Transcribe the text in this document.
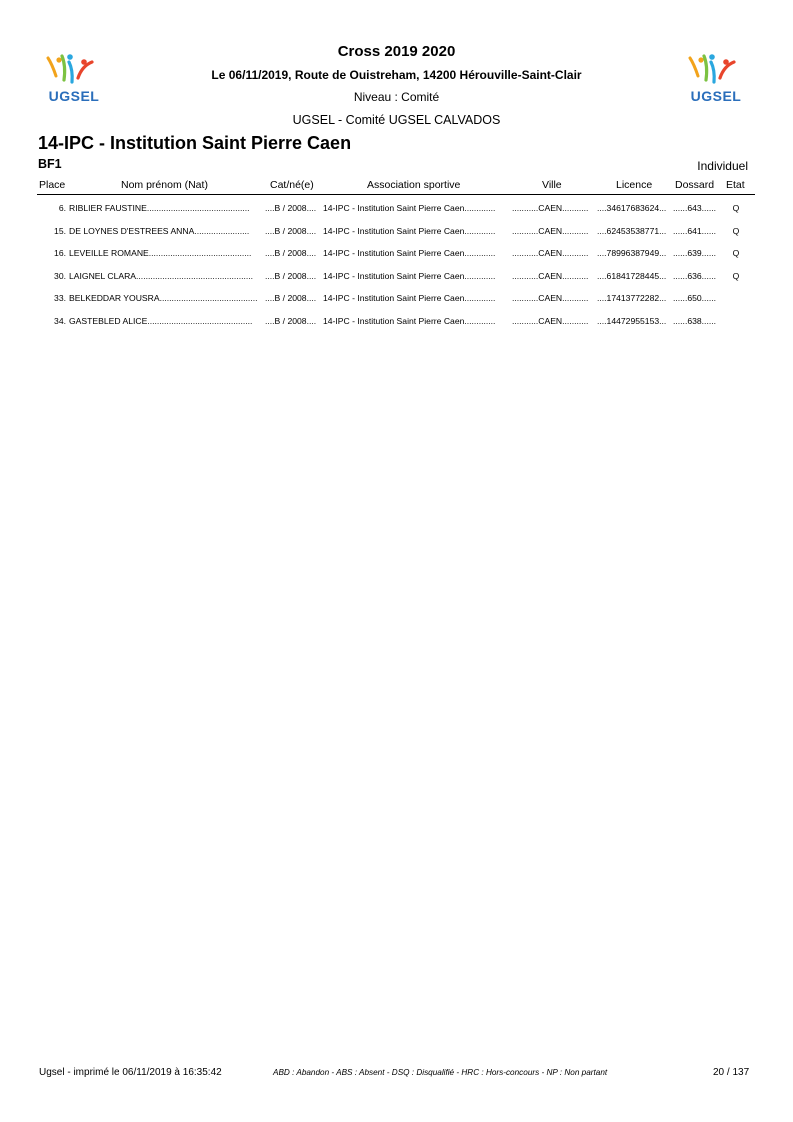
UGSEL	UGSEL
Cross 2019 2020
Le 06/11/2019, Route de Ouistreham, 14200 Hérouville-Saint-Clair
Niveau : Comité
UGSEL - Comité UGSEL CALVADOS
14-IPC - Institution Saint Pierre Caen
BF1	Individuel
Place	Nom prénom (Nat)	Cat/né(e)	Association sportive	Ville	Licence Dossard Etat
6. RIBLIER FAUSTINE...........................................	....B / 2008.... 14-IPC - Institution Saint Pierre Caen.............	...........CAEN........... ....34617683624... ......643......	Q
15. DE LOYNES D'ESTREES ANNA.......................	....B / 2008.... 14-IPC - Institution Saint Pierre Caen.............	...........CAEN........... ....62453538771... ......641......	Q
16. LEVEILLE ROMANE...........................................	....B / 2008.... 14-IPC - Institution Saint Pierre Caen.............	...........CAEN........... ....78996387949... ......639......	Q
30. LAIGNEL CLARA.................................................	....B / 2008.... 14-IPC - Institution Saint Pierre Caen.............	...........CAEN........... ....61841728445... ......636......	Q
33. BELKEDDAR YOUSRA......................................... ....B / 2008.... 14-IPC - Institution Saint Pierre Caen.............	...........CAEN........... ....17413772282... ......650......
34. GASTEBLED ALICE............................................	....B / 2008.... 14-IPC - Institution Saint Pierre Caen.............	...........CAEN........... ....14472955153... ......638......
Ugsel - imprimé le 06/11/2019 à 16:35:42	ABD : Abandon - ABS : Absent - DSQ : Disqualifié - HRC : Hors-concours - NP : Non partant	20 / 137
